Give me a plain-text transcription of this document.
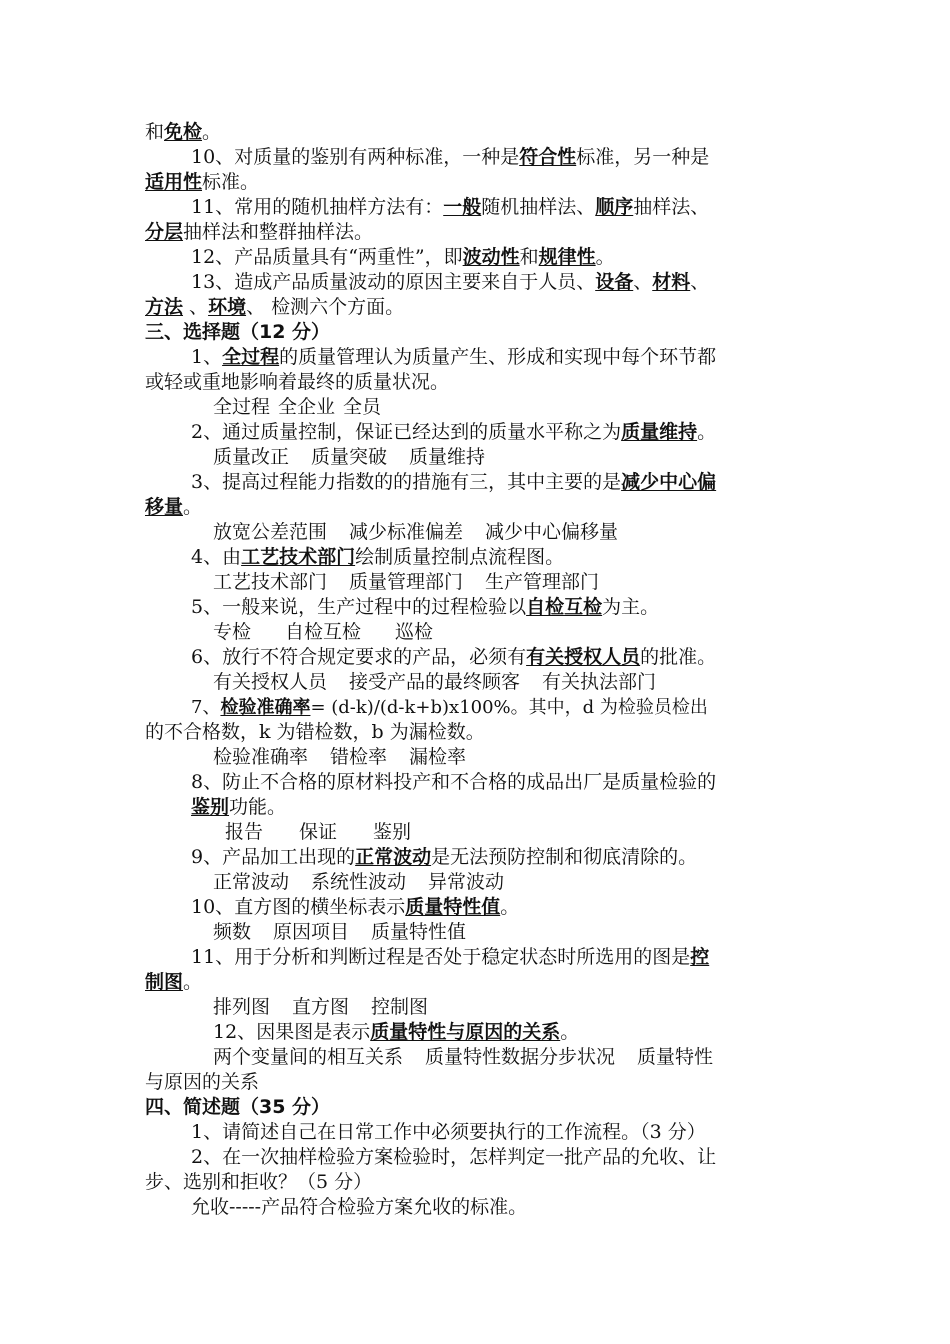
和免检。
10、对质量的鉴别有两种标准，一种是符合性标准，另一种是
适用性标准。
11、常用的随机抽样方法有：一般随机抽样法、顺序抽样法、
分层抽样法和整群抽样法。
12、产品质量具有“两重性”，即波动性和规律性。
13、造成产品质量波动的原因主要来自于人员、设备、材料、
方法 、环境、 检测六个方面。
三、选择题（12 分）
1、全过程的质量管理认为质量产生、形成和实现中每个环节都
或轻或重地影响着最终的质量状况。
全过程 全企业 全员
2、通过质量控制，保证已经达到的质量水平称之为质量维持。
质量改正 质量突破 质量维持
3、提高过程能力指数的的措施有三，其中主要的是减少中心偏
移量。
放宽公差范围 减少标准偏差 减少中心偏移量
4、由工艺技术部门绘制质量控制点流程图。
工艺技术部门 质量管理部门 生产管理部门
5、一般来说，生产过程中的过程检验以自检互检为主。
专检 自检互检 巡检
6、放行不符合规定要求的产品，必须有有关授权人员的批准。
有关授权人员 接受产品的最终顾客 有关执法部门
7、检验准确率= (d-k)/(d-k+b)x100%。其中，d 为检验员检出
的不合格数，k 为错检数，b 为漏检数。
检验准确率 错检率 漏检率
8、防止不合格的原材料投产和不合格的成品出厂是质量检验的
鉴别功能。
报告 保证 鉴别
9、产品加工出现的正常波动是无法预防控制和彻底清除的。
正常波动 系统性波动 异常波动
10、直方图的横坐标表示质量特性值。
频数 原因项目 质量特性值
11、用于分析和判断过程是否处于稳定状态时所选用的图是控
制图。
排列图 直方图 控制图
12、因果图是表示质量特性与原因的关系。
两个变量间的相互关系 质量特性数据分步状况 质量特性
与原因的关系
四、简述题（35 分）
1、请简述自己在日常工作中必须要执行的工作流程。（3 分）
2、在一次抽样检验方案检验时，怎样判定一批产品的允收、让
步、选别和拒收？（5 分）
允收-----产品符合检验方案允收的标准。
